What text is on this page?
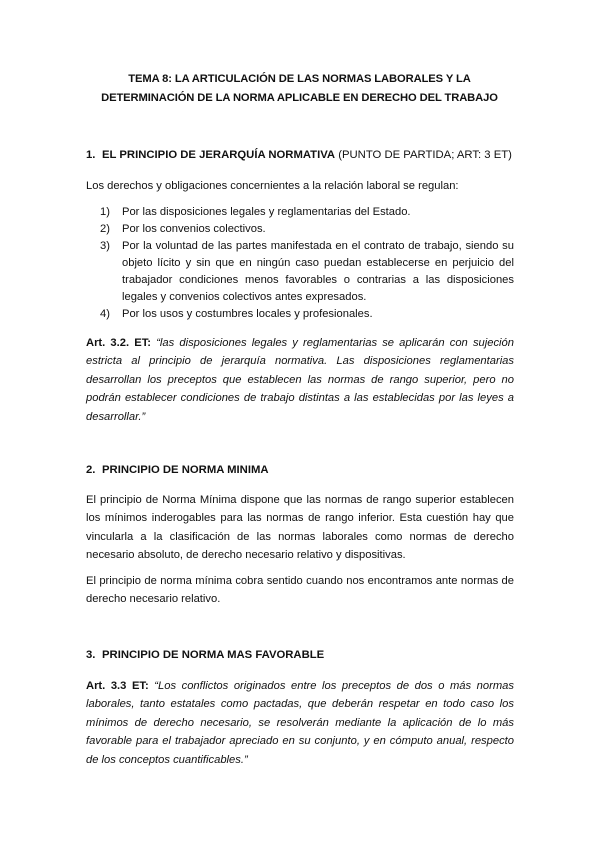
TEMA 8: LA ARTICULACIÓN DE LAS NORMAS LABORALES Y LA
DETERMINACIÓN DE LA NORMA APLICABLE EN DERECHO DEL TRABAJO

1. EL PRINCIPIO DE JERARQUÍA NORMATIVA (PUNTO DE PARTIDA; ART: 3 ET)

Los derechos y obligaciones concernientes a la relación laboral se regulan:

1) Por las disposiciones legales y reglamentarias del Estado.
2) Por los convenios colectivos.
3) Por la voluntad de las partes manifestada en el contrato de trabajo, siendo su objeto lícito y sin que en ningún caso puedan establecerse en perjuicio del trabajador condiciones menos favorables o contrarias a las disposiciones legales y convenios colectivos antes expresados.
4) Por los usos y costumbres locales y profesionales.

Art. 3.2. ET: “las disposiciones legales y reglamentarias se aplicarán con sujeción estricta al principio de jerarquía normativa. Las disposiciones reglamentarias desarrollan los preceptos que establecen las normas de rango superior, pero no podrán establecer condiciones de trabajo distintas a las establecidas por las leyes a desarrollar.”

2. PRINCIPIO DE NORMA MINIMA

El principio de Norma Mínima dispone que las normas de rango superior establecen los mínimos inderogables para las normas de rango inferior. Esta cuestión hay que vincularla a la clasificación de las normas laborales como normas de derecho necesario absoluto, de derecho necesario relativo y dispositivas.

El principio de norma mínima cobra sentido cuando nos encontramos ante normas de derecho necesario relativo.

3. PRINCIPIO DE NORMA MAS FAVORABLE

Art. 3.3 ET: “Los conflictos originados entre los preceptos de dos o más normas laborales, tanto estatales como pactadas, que deberán respetar en todo caso los mínimos de derecho necesario, se resolverán mediante la aplicación de lo más favorable para el trabajador apreciado en su conjunto, y en cómputo anual, respecto de los conceptos cuantificables.”
